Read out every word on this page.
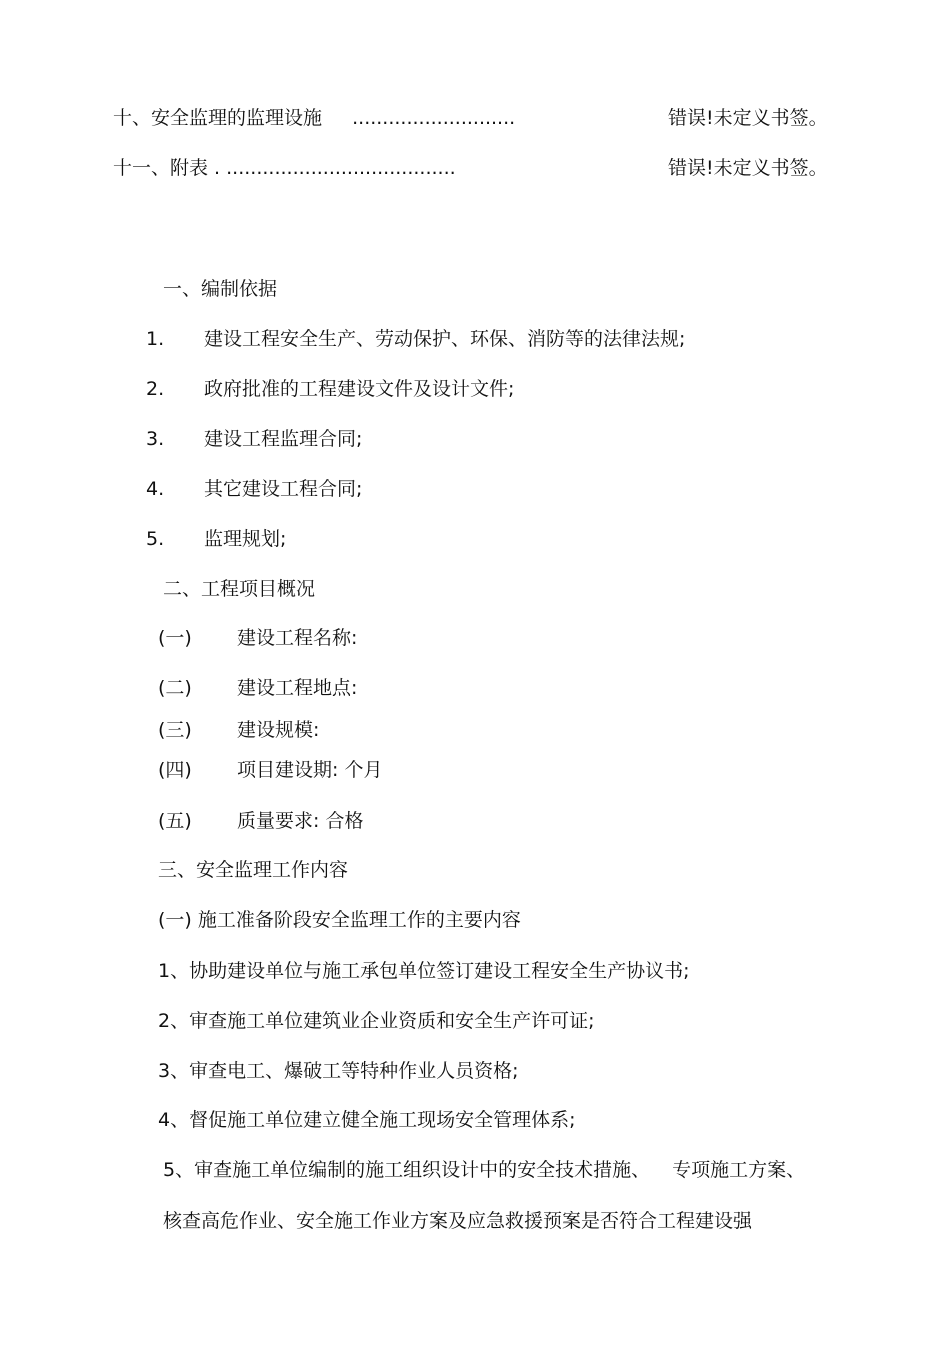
十、安全监理的监理设施 ...........................	错误!未定义书签。
十一、附表 . ......................................	错误!未定义书签。
一、编制依据
1. 建设工程安全生产、劳动保护、环保、消防等的法律法规;
2. 政府批准的工程建设文件及设计文件;
3. 建设工程监理合同;
4. 其它建设工程合同;
5. 监理规划;
二、工程项目概况
(一) 建设工程名称:
(二) 建设工程地点:
(三) 建设规模:
(四) 项目建设期: 个月
(五) 质量要求: 合格
三、安全监理工作内容
(一) 施工准备阶段安全监理工作的主要内容
1、协助建设单位与施工承包单位签订建设工程安全生产协议书;
2、审查施工单位建筑业企业资质和安全生产许可证;
3、审查电工、爆破工等特种作业人员资格;
4、督促施工单位建立健全施工现场安全管理体系;
5、审查施工单位编制的施工组织设计中的安全技术措施、 专项施工方案、
核查高危作业、安全施工作业方案及应急救援预案是否符合工程建设强
